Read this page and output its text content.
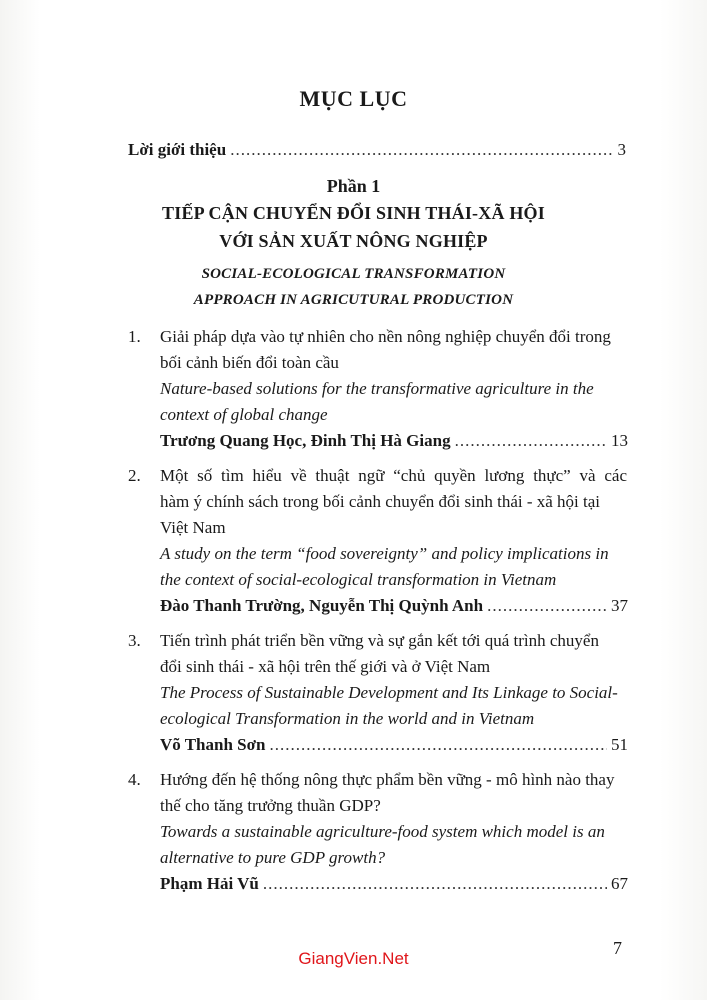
MỤC LỤC
Lời giới thiệu .....	3
Phần 1
TIẾP CẬN CHUYỂN ĐỔI SINH THÁI-XÃ HỘI
VỚI SẢN XUẤT NÔNG NGHIỆP
SOCIAL-ECOLOGICAL TRANSFORMATION
APPROACH IN AGRICUTURAL PRODUCTION
1. Giải pháp dựa vào tự nhiên cho nền nông nghiệp chuyển đổi trong
bối cảnh biến đổi toàn cầu
Nature-based solutions for the transformative agriculture in the
context of global change
Trương Quang Học, Đinh Thị Hà Giang .....	13
2. Một số tìm hiểu về thuật ngữ “chủ quyền lương thực” và các
hàm ý chính sách trong bối cảnh chuyển đổi sinh thái - xã hội tại
Việt Nam
A study on the term “food sovereignty” and policy implications in
the context of social-ecological transformation in Vietnam
Đào Thanh Trường, Nguyễn Thị Quỳnh Anh .....	37
3. Tiến trình phát triển bền vững và sự gắn kết tới quá trình chuyển
đổi sinh thái - xã hội trên thế giới và ở Việt Nam
The Process of Sustainable Development and Its Linkage to Social-
ecological Transformation in the world and in Vietnam
Võ Thanh Sơn .....	51
4. Hướng đến hệ thống nông thực phẩm bền vững - mô hình nào thay
thế cho tăng trưởng thuần GDP?
Towards a sustainable agriculture-food system which model is an
alternative to pure GDP growth?
Phạm Hải Vũ .....	67
7
GiangVien.Net
